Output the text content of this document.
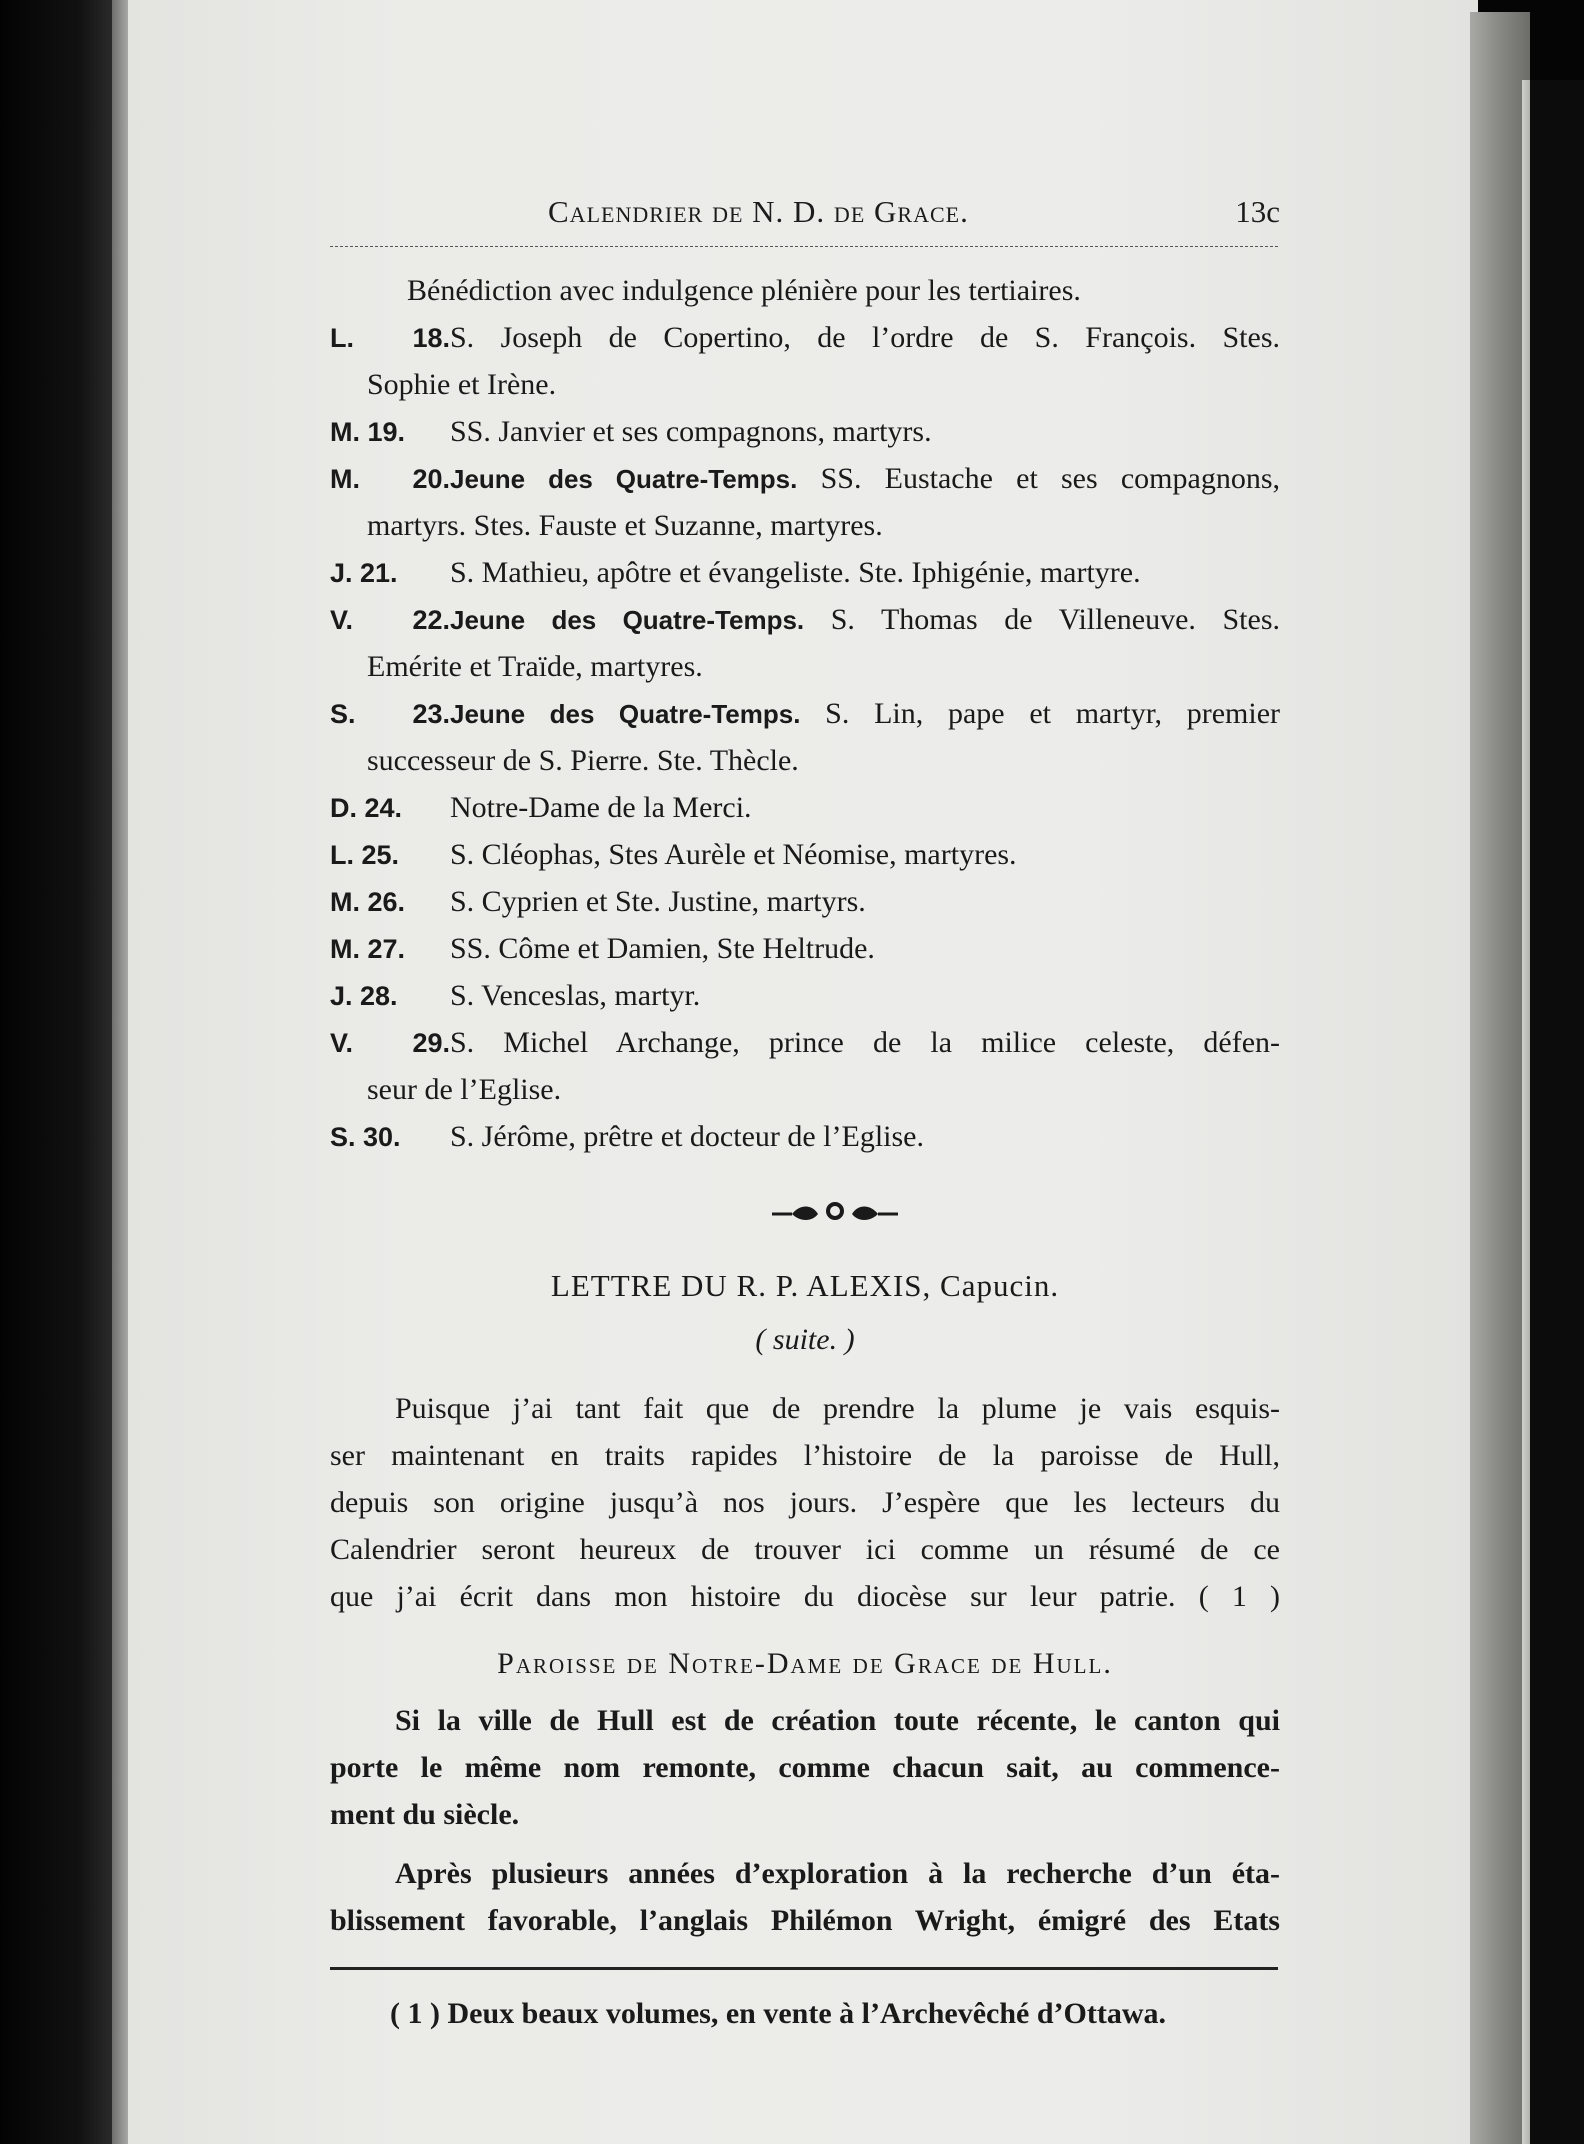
Calendrier de N. D. de Grace.	13c
Bénédiction avec indulgence plénière pour les tertiaires.
L. 18.S. Joseph de Copertino, de l’ordre de S. François. Stes.
Sophie et Irène.
M. 19. SS. Janvier et ses compagnons, martyrs.
M. 20.Jeune des Quatre-Temps. SS. Eustache et ses compagnons,
martyrs. Stes. Fauste et Suzanne, martyres.
J. 21. S. Mathieu, apôtre et évangeliste. Ste. Iphigénie, martyre.
V. 22.Jeune des Quatre-Temps. S. Thomas de Villeneuve. Stes.
Emérite et Traïde, martyres.
S. 23.Jeune des Quatre-Temps. S. Lin, pape et martyr, premier
successeur de S. Pierre. Ste. Thècle.
D. 24. Notre-Dame de la Merci.
L. 25. S. Cléophas, Stes Aurèle et Néomise, martyres.
M. 26. S. Cyprien et Ste. Justine, martyrs.
M. 27. SS. Côme et Damien, Ste Heltrude.
J. 28. S. Venceslas, martyr.
V. 29.S. Michel Archange, prince de la milice celeste, défen-
seur de l’Eglise.
S. 30. S. Jérôme, prêtre et docteur de l’Eglise.
LETTRE DU R. P. ALEXIS, Capucin.
( suite. )
Puisque j’ai tant fait que de prendre la plume je vais esquis-
ser maintenant en traits rapides l’histoire de la paroisse de Hull,
depuis son origine jusqu’à nos jours. J’espère que les lecteurs du
Calendrier seront heureux de trouver ici comme un résumé de ce
que j’ai écrit dans mon histoire du diocèse sur leur patrie. ( 1 )
Paroisse de Notre-Dame de Grace de Hull.
Si la ville de Hull est de création toute récente, le canton qui
porte le même nom remonte, comme chacun sait, au commence-
ment du siècle.
Après plusieurs années d’exploration à la recherche d’un éta-
blissement favorable, l’anglais Philémon Wright, émigré des Etats
( 1 ) Deux beaux volumes, en vente à l’Archevêché d’Ottawa.
